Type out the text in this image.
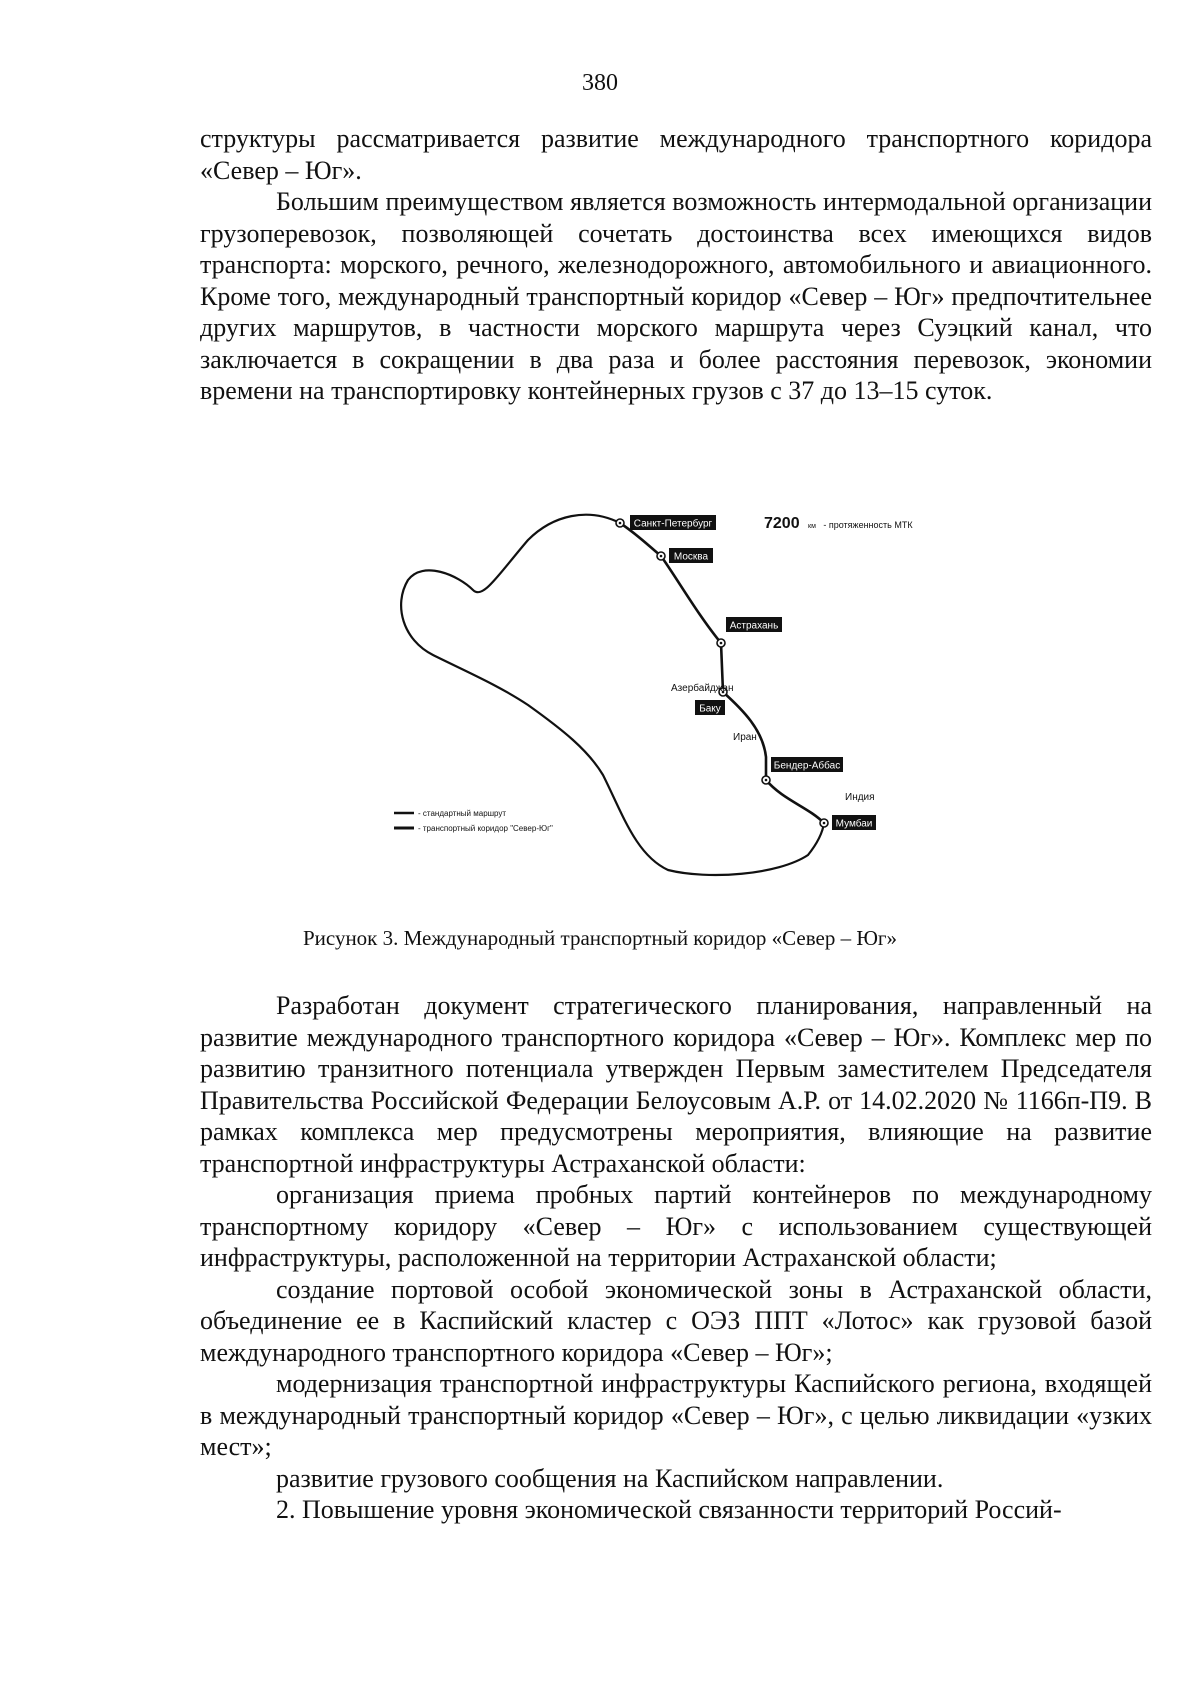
380

структуры рассматривается развитие международного транспортного коридора «Север – Юг».

Большим преимуществом является возможность интермодальной организации грузоперевозок, позволяющей сочетать достоинства всех имеющихся видов транспорта: морского, речного, железнодорожного, автомобильного и авиационного. Кроме того, международный транспортный коридор «Север – Юг» предпочтительнее других маршрутов, в частности морского маршрута через Суэцкий канал, что заключается в сокращении в два раза и более расстояния перевозок, экономии времени на транспортировку контейнерных грузов с 37 до 13–15 суток.

Санкт-Петербург
Москва
Астрахань
Баку
Бендер-Аббас
Мумбаи
Азербайджан
Иран
Индия
7200 км - протяженность МТК
- стандартный маршрут
- транспортный коридор "Север-Юг"
Рисунок 3. Международный транспортный коридор «Север – Юг»

Разработан документ стратегического планирования, направленный на развитие международного транспортного коридора «Север – Юг». Комплекс мер по развитию транзитного потенциала утвержден Первым заместителем Председателя Правительства Российской Федерации Белоусовым А.Р. от 14.02.2020 № 1166п-П9. В рамках комплекса мер предусмотрены мероприятия, влияющие на развитие транспортной инфраструктуры Астраханской области:

организация приема пробных партий контейнеров по международному транспортному коридору «Север – Юг» с использованием существующей инфраструктуры, расположенной на территории Астраханской области;

создание портовой особой экономической зоны в Астраханской области, объединение ее в Каспийский кластер с ОЭЗ ППТ «Лотос» как грузовой базой международного транспортного коридора «Север – Юг»;

модернизация транспортной инфраструктуры Каспийского региона, входящей в международный транспортный коридор «Север – Юг», с целью ликвидации «узких мест»;

развитие грузового сообщения на Каспийском направлении.

2. Повышение уровня экономической связанности территорий Россий-
